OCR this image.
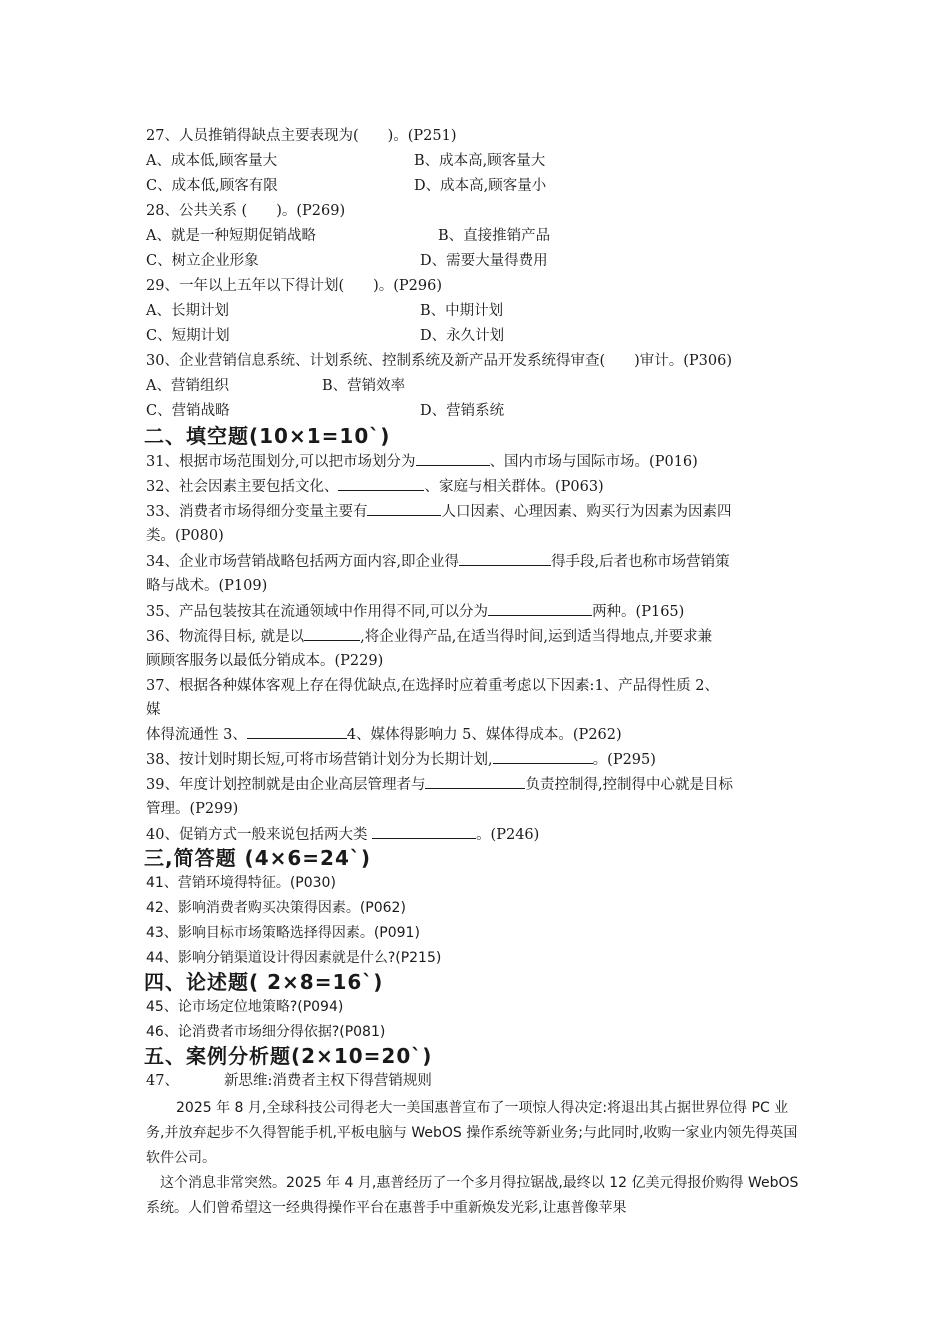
27、人员推销得缺点主要表现为(　　)。(P251)
A、成本低,顾客量大	B、成本高,顾客量大
C、成本低,顾客有限	D、成本高,顾客量小
28、公共关系 (　　)。(P269)
A、就是一种短期促销战略	B、直接推销产品
C、树立企业形象	D、需要大量得费用
29、一年以上五年以下得计划(　　)。(P296)
A、长期计划	B、中期计划
C、短期计划	D、永久计划
30、企业营销信息系统、计划系统、控制系统及新产品开发系统得审查(　　)审计。(P306)
A、营销组织	B、营销效率
C、营销战略	D、营销系统
二、填空题(10×1=10`)
31、根据市场范围划分,可以把市场划分为	、国内市场与国际市场。(P016)
32、社会因素主要包括文化、	、家庭与相关群体。(P063)
33、消费者市场得细分变量主要有	人口因素、心理因素、购买行为因素为因素四
类。(P080)
34、企业市场营销战略包括两方面内容,即企业得	得手段,后者也称市场营销策
略与战术。(P109)
35、产品包装按其在流通领域中作用得不同,可以分为	两种。(P165)
36、物流得目标, 就是以	,将企业得产品,在适当得时间,运到适当得地点,并要求兼
顾顾客服务以最低分销成本。(P229)
37、根据各种媒体客观上存在得优缺点,在选择时应着重考虑以下因素:1、产品得性质 2、
媒
体得流通性 3、	4、媒体得影响力 5、媒体得成本。(P262)
38、按计划时期长短,可将市场营销计划分为长期计划,	。(P295)
39、年度计划控制就是由企业高层管理者与	负责控制得,控制得中心就是目标
管理。(P299)
40、促销方式一般来说包括两大类	。(P246)
三,简答题 (4×6=24`)
41、营销环境得特征。(P030)
42、影响消费者购买决策得因素。(P062)
43、影响目标市场策略选择得因素。(P091)
44、影响分销渠道设计得因素就是什么?(P215)
四、论述题( 2×8=16`)
45、论市场定位地策略?(P094)
46、论消费者市场细分得依据?(P081)
五、案例分析题(2×10=20`)
47、	新思维:消费者主权下得营销规则
2025 年 8 月,全球科技公司得老大一美国惠普宣布了一项惊人得决定:将退出其占据世界位得 PC 业务,并放弃起步不久得智能手机,平板电脑与 WebOS 操作系统等新业务;与此同时,收购一家业内领先得英国软件公司。
这个消息非常突然。2025 年 4 月,惠普经历了一个多月得拉锯战,最终以 12 亿美元得报价购得 WebOS 系统。人们曾希望这一经典得操作平台在惠普手中重新焕发光彩,让惠普像苹果
